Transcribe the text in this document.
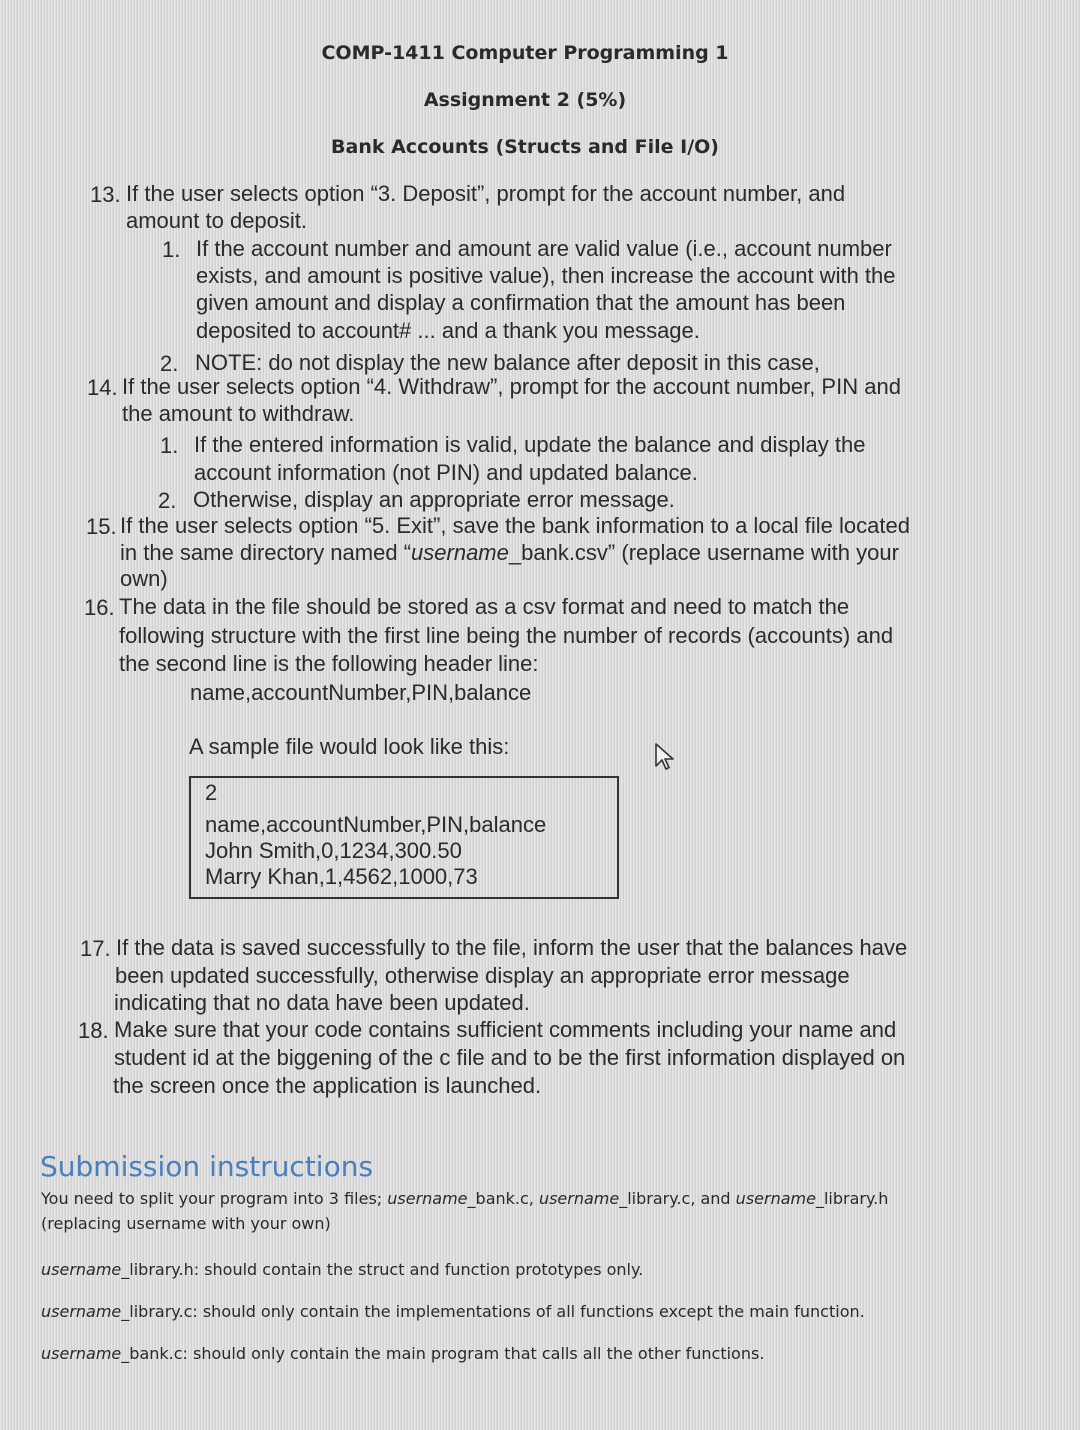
COMP-1411 Computer Programming 1
Assignment 2 (5%)
Bank Accounts (Structs and File I/O)
13. If the user selects option “3. Deposit”, prompt for the account number, and
amount to deposit.
1. If the account number and amount are valid value (i.e., account number
exists, and amount is positive value), then increase the account with the
given amount and display a confirmation that the amount has been
deposited to account# ... and a thank you message.
2. NOTE: do not display the new balance after deposit in this case,
14. If the user selects option “4. Withdraw”, prompt for the account number, PIN and
the amount to withdraw.
1. If the entered information is valid, update the balance and display the
account information (not PIN) and updated balance.
2. Otherwise, display an appropriate error message.
15. If the user selects option “5. Exit”, save the bank information to a local file located
in the same directory named “username_bank.csv” (replace username with your
own)
16. The data in the file should be stored as a csv format and need to match the
following structure with the first line being the number of records (accounts) and
the second line is the following header line:
name,accountNumber,PIN,balance
A sample file would look like this:
2
name,accountNumber,PIN,balance
John Smith,0,1234,300.50
Marry Khan,1,4562,1000,73
17. If the data is saved successfully to the file, inform the user that the balances have
been updated successfully, otherwise display an appropriate error message
indicating that no data have been updated.
18. Make sure that your code contains sufficient comments including your name and
student id at the biggening of the c file and to be the first information displayed on
the screen once the application is launched.
Submission instructions
You need to split your program into 3 files; username_bank.c, username_library.c, and username_library.h
(replacing username with your own)
username_library.h: should contain the struct and function prototypes only.
username_library.c: should only contain the implementations of all functions except the main function.
username_bank.c: should only contain the main program that calls all the other functions.
